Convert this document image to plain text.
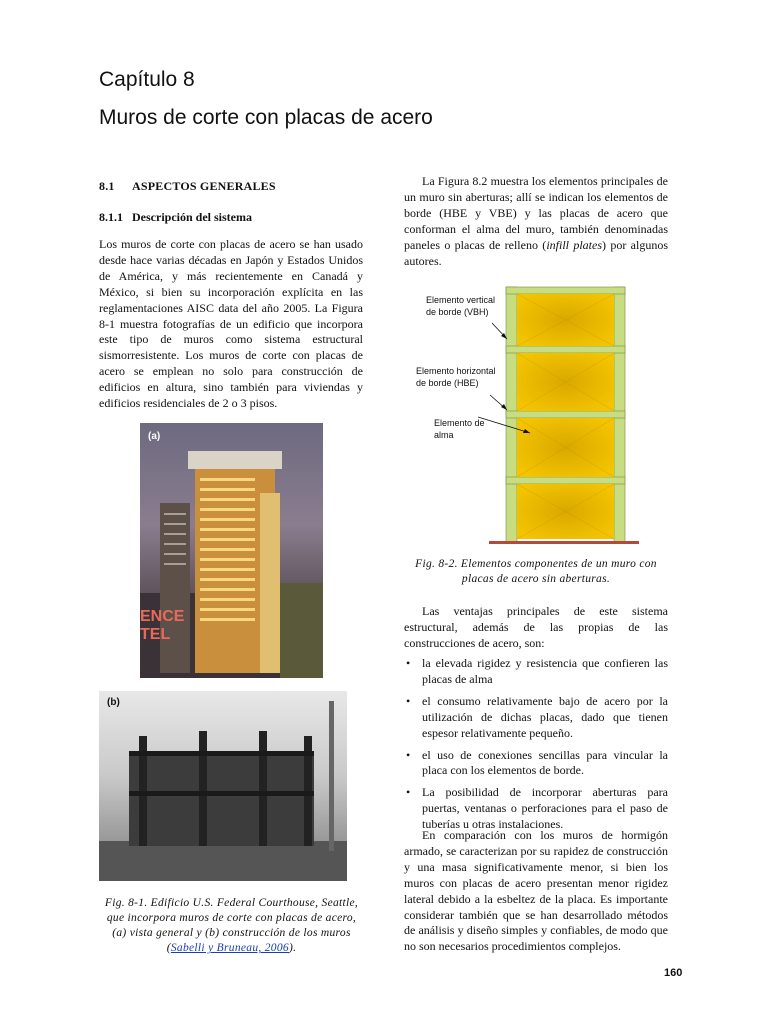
Capítulo 8
Muros de corte con placas de acero
8.1 ASPECTOS GENERALES
8.1.1 Descripción del sistema
Los muros de corte con placas de acero se han usado desde hace varias décadas en Japón y Estados Unidos de América, y más recientemente en Canadá y México, si bien su incorporación explícita en las reglamentaciones AISC data del año 2005. La Figura 8-1 muestra fotografías de un edificio que incorpora este tipo de muros como sistema estructural sismorresistente. Los muros de corte con placas de acero se emplean no solo para construcción de edificios en altura, sino también para viviendas y edificios residenciales de 2 o 3 pisos.
ENCE TEL
(a)
(b)
Fig. 8-1. Edificio U.S. Federal Courthouse, Seattle, que incorpora muros de corte con placas de acero, (a) vista general y (b) construcción de los muros (Sabelli y Bruneau, 2006).
La Figura 8.2 muestra los elementos principales de un muro sin aberturas; allí se indican los elementos de borde (HBE y VBE) y las placas de acero que conforman el alma del muro, también denominadas paneles o placas de relleno (infill plates) por algunos autores.
Elemento vertical
de borde (VBH)
Elemento horizontal
de borde (HBE)
Elemento de
alma
Fig. 8-2. Elementos componentes de un muro con placas de acero sin aberturas.
Las ventajas principales de este sistema estructural, además de las propias de las construcciones de acero, son:
• la elevada rigidez y resistencia que confieren las placas de alma
• el consumo relativamente bajo de acero por la utilización de dichas placas, dado que tienen espesor relativamente pequeño.
• el uso de conexiones sencillas para vincular la placa con los elementos de borde.
• La posibilidad de incorporar aberturas para puertas, ventanas o perforaciones para el paso de tuberías u otras instalaciones.
En comparación con los muros de hormigón armado, se caracterizan por su rapidez de construcción y una masa significativamente menor, si bien los muros con placas de acero presentan menor rigidez lateral debido a la esbeltez de la placa. Es importante considerar también que se han desarrollado métodos de análisis y diseño simples y confiables, de modo que no son necesarios procedimientos complejos.
160
